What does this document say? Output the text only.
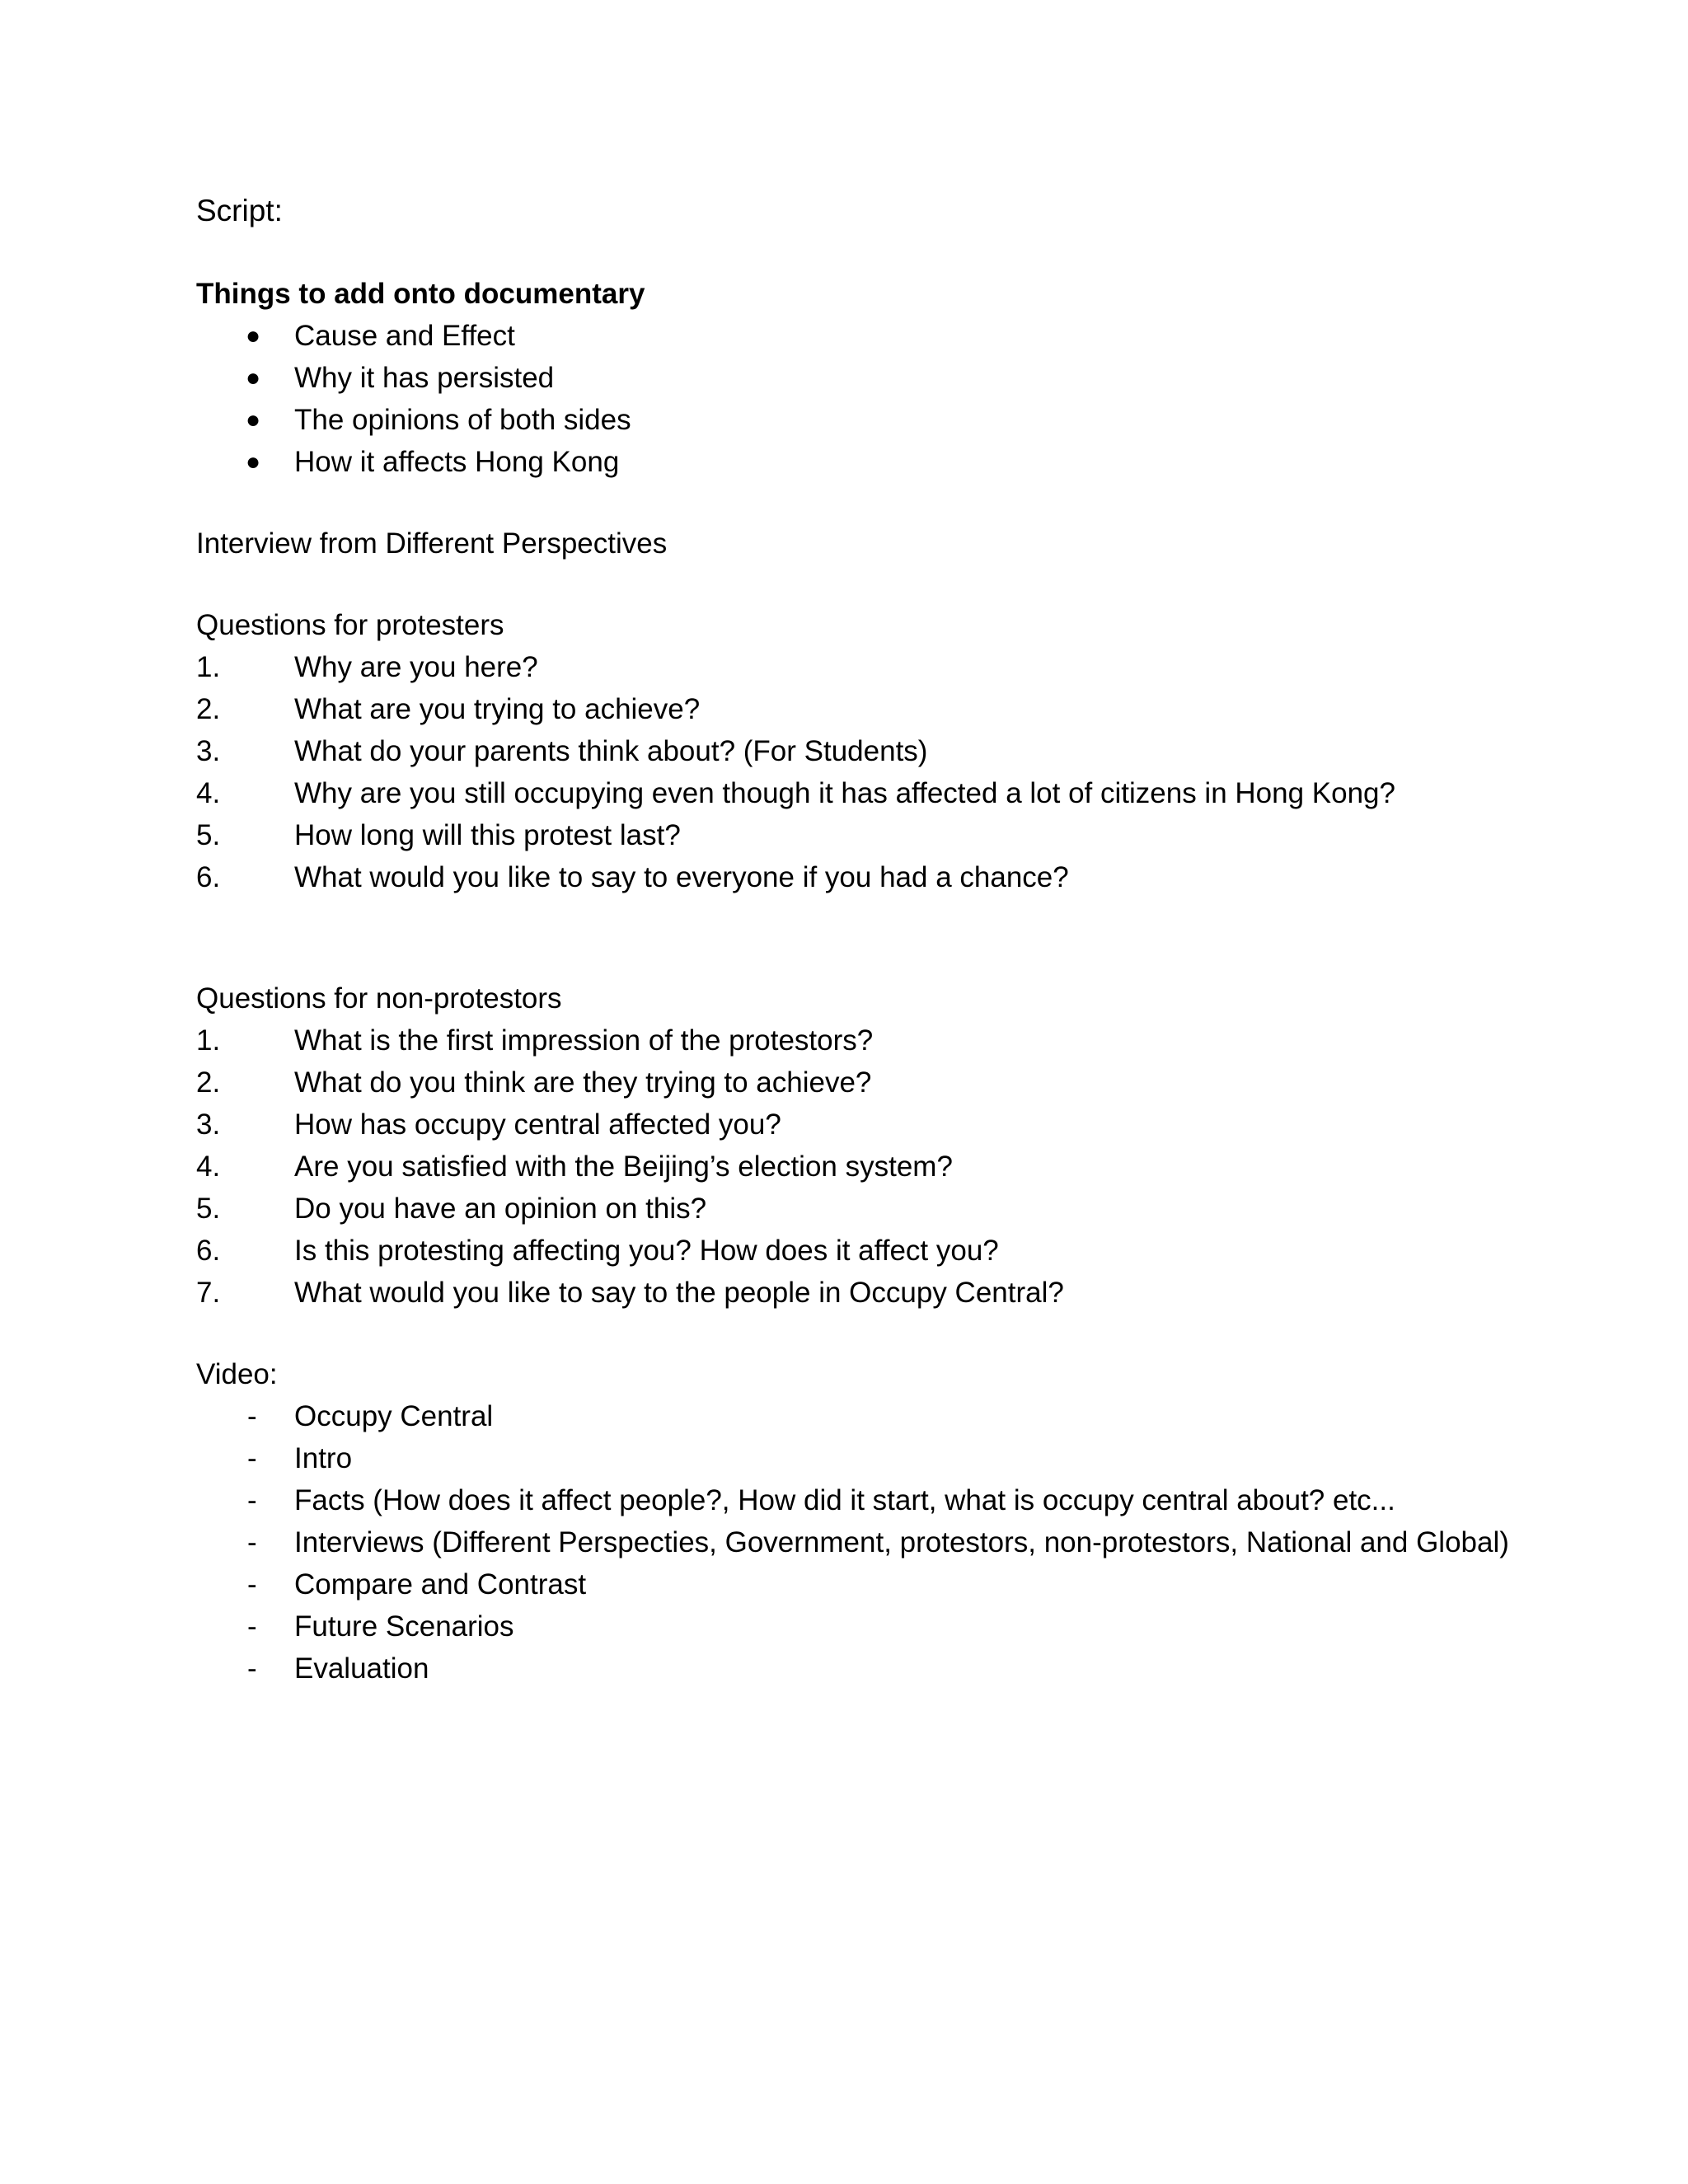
Script:

Things to add onto documentary

●	Cause and Effect
●	Why it has persisted
●	The opinions of both sides
●	How it affects Hong Kong

Interview from Different Perspectives

Questions for protesters

1.	Why are you here?
2.	What are you trying to achieve?
3.	What do your parents think about? (For Students)
4.	Why are you still occupying even though it has affected a lot of citizens in Hong Kong?
5.	How long will this protest last?
6.	What would you like to say to everyone if you had a chance?

Questions for non-protestors

1.	What is the first impression of the protestors?
2.	What do you think are they trying to achieve?
3.	How has occupy central affected you?
4.	Are you satisfied with the Beijing’s election system?
5.	Do you have an opinion on this?
6.	Is this protesting affecting you? How does it affect you?
7.	What would you like to say to the people in Occupy Central?

Video:

-	Occupy Central
-	Intro
-	Facts (How does it affect people?, How did it start, what is occupy central about? etc...
-	Interviews (Different Perspecties, Government, protestors, non-protestors, National and Global)
-	Compare and Contrast
-	Future Scenarios
-	Evaluation
